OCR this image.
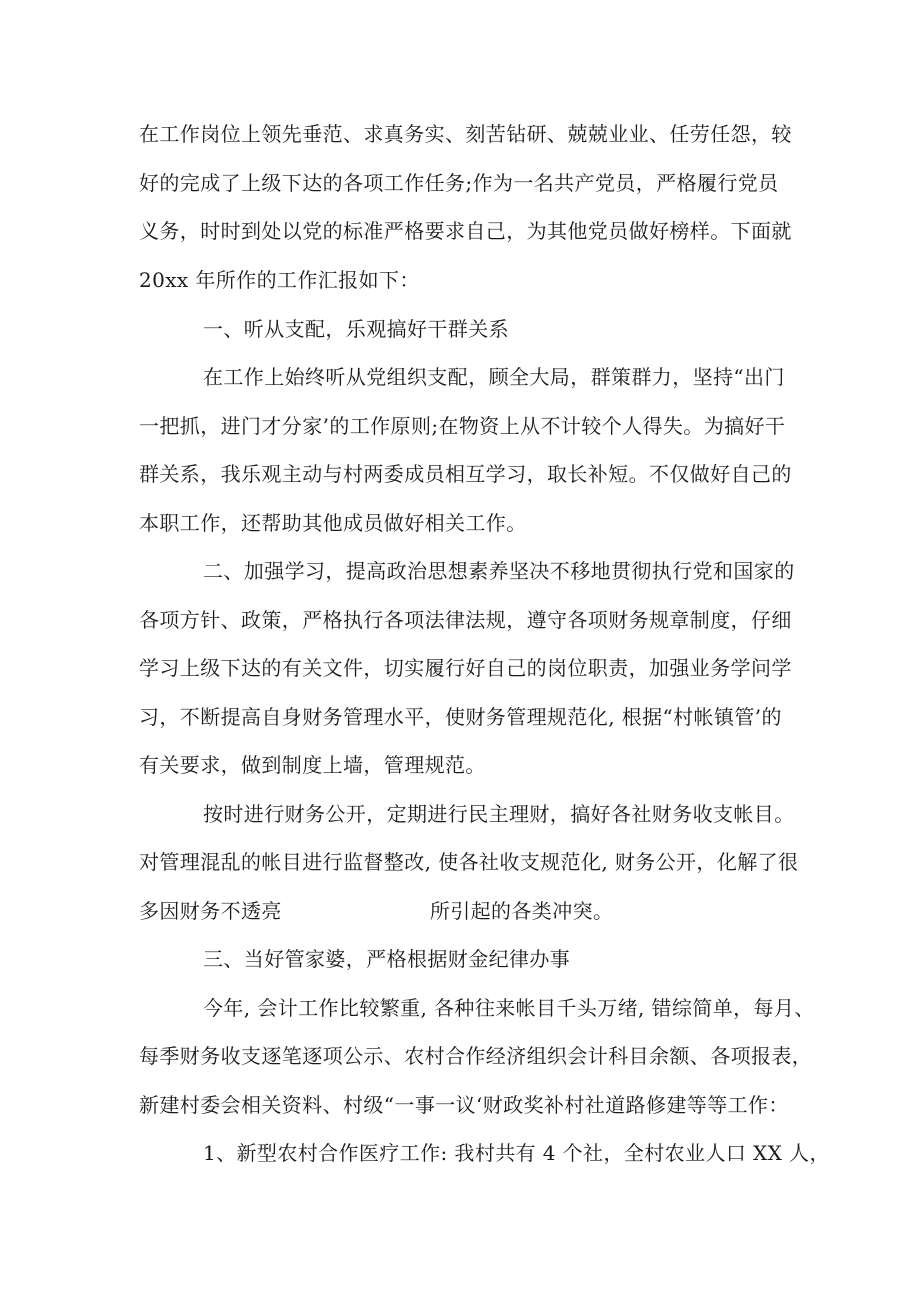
在工作岗位上领先垂范、求真务实、刻苦钻研、兢兢业业、任劳任怨，较
好的完成了上级下达的各项工作任务;作为一名共产党员，严格履行党员
义务，时时到处以党的标准严格要求自己，为其他党员做好榜样。下面就
20xx 年所作的工作汇报如下：
一、听从支配，乐观搞好干群关系
在工作上始终听从党组织支配，顾全大局，群策群力，坚持“出门
一把抓，进门才分家’的工作原则;在物资上从不计较个人得失。为搞好干
群关系，我乐观主动与村两委成员相互学习，取长补短。不仅做好自己的
本职工作，还帮助其他成员做好相关工作。
二、加强学习，提高政治思想素养坚决不移地贯彻执行党和国家的
各项方针、政策，严格执行各项法律法规，遵守各项财务规章制度，仔细
学习上级下达的有关文件，切实履行好自己的岗位职责，加强业务学问学
习，不断提高自身财务管理水平，使财务管理规范化, 根据“村帐镇管’的
有关要求，做到制度上墙，管理规范。
按时进行财务公开，定期进行民主理财，搞好各社财务收支帐目。
对管理混乱的帐目进行监督整改, 使各社收支规范化, 财务公开，化解了很
多因财务不透亮	所引起的各类冲突。
三、当好管家婆，严格根据财金纪律办事
今年, 会计工作比较繁重, 各种往来帐目千头万绪, 错综简单，每月、
每季财务收支逐笔逐项公示、农村合作经济组织会计科目余额、各项报表，
新建村委会相关资料、村级“一事一议‘财政奖补村社道路修建等等工作：
1、新型农村合作医疗工作: 我村共有 4 个社，全村农业人口 XX 人，
